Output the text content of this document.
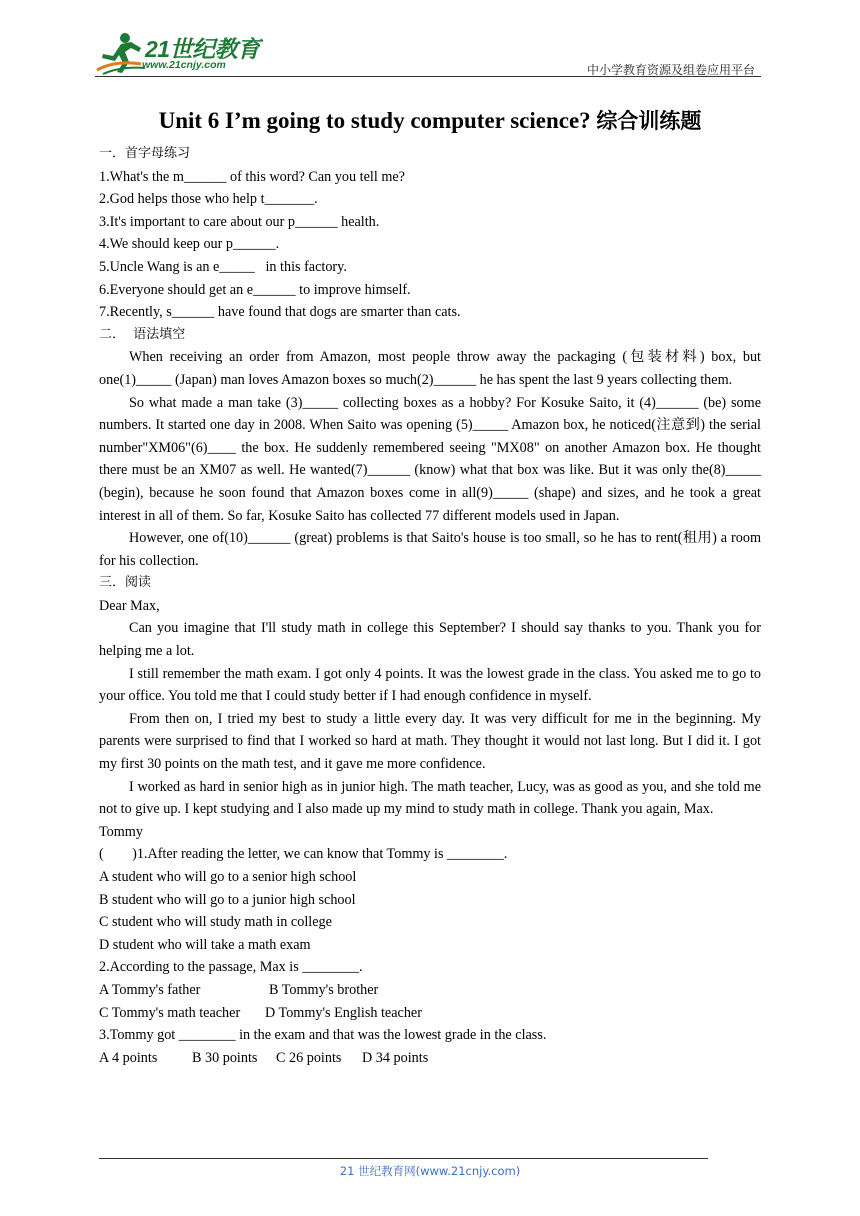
21世纪教育
www.21cnjy.com	中小学教育资源及组卷应用平台
Unit 6 I’m going to study computer science? 综合训练题
一．首字母练习
1.What's the m______ of this word? Can you tell me?
2.God helps those who help t_______.
3.It's important to care about our p______ health.
4.We should keep our p______.
5.Uncle Wang is an e_____   in this factory.
6.Everyone should get an e______ to improve himself.
7.Recently, s______ have found that dogs are smarter than cats.
二．  语法填空

When receiving an order from Amazon, most people throw away the packaging (包装材料) box, but one(1)_____ (Japan) man loves Amazon boxes so much(2)______ he has spent the last 9 years collecting them.

So what made a man take (3)_____ collecting boxes as a hobby? For Kosuke Saito, it (4)______ (be) some numbers. It started one day in 2008. When Saito was opening (5)_____ Amazon box, he noticed(注意到) the serial number"XM06"(6)____ the box. He suddenly remembered seeing "MX08" on another Amazon box. He thought there must be an XM07 as well. He wanted(7)______ (know) what that box was like. But it was only the(8)_____ (begin), because he soon found that Amazon boxes come in all(9)_____ (shape) and sizes, and he took a great interest in all of them. So far, Kosuke Saito has collected 77 different models used in Japan.

However, one of(10)______ (great) problems is that Saito's house is too small, so he has to rent(租用) a room for his collection.

三．阅读
Dear Max,

Can you imagine that I'll study math in college this September? I should say thanks to you. Thank you for helping me a lot.

I still remember the math exam. I got only 4 points. It was the lowest grade in the class. You asked me to go to your office. You told me that I could study better if I had enough confidence in myself.

From then on, I tried my best to study a little every day. It was very difficult for me in the beginning. My parents were surprised to find that I worked so hard at math. They thought it would not last long. But I did it. I got my first 30 points on the math test, and it gave me more confidence.

I worked as hard in senior high as in junior high. The math teacher, Lucy, was as good as you, and she told me not to give up. I kept studying and I also made up my mind to study math in college. Thank you again, Max.

Tommy
(        )1.After reading the letter, we can know that Tommy is ________.
A student who will go to a senior high school
B student who will go to a junior high school
C student who will study math in college
D student who will take a math exam
2.According to the passage, Max is ________.
A Tommy's father	B Tommy's brother
C Tommy's math teacher D Tommy's English teacher
3.Tommy got ________ in the exam and that was the lowest grade in the class.
A 4 points B 30 points C 26 points D 34 points
21 世纪教育网(www.21cnjy.com)
